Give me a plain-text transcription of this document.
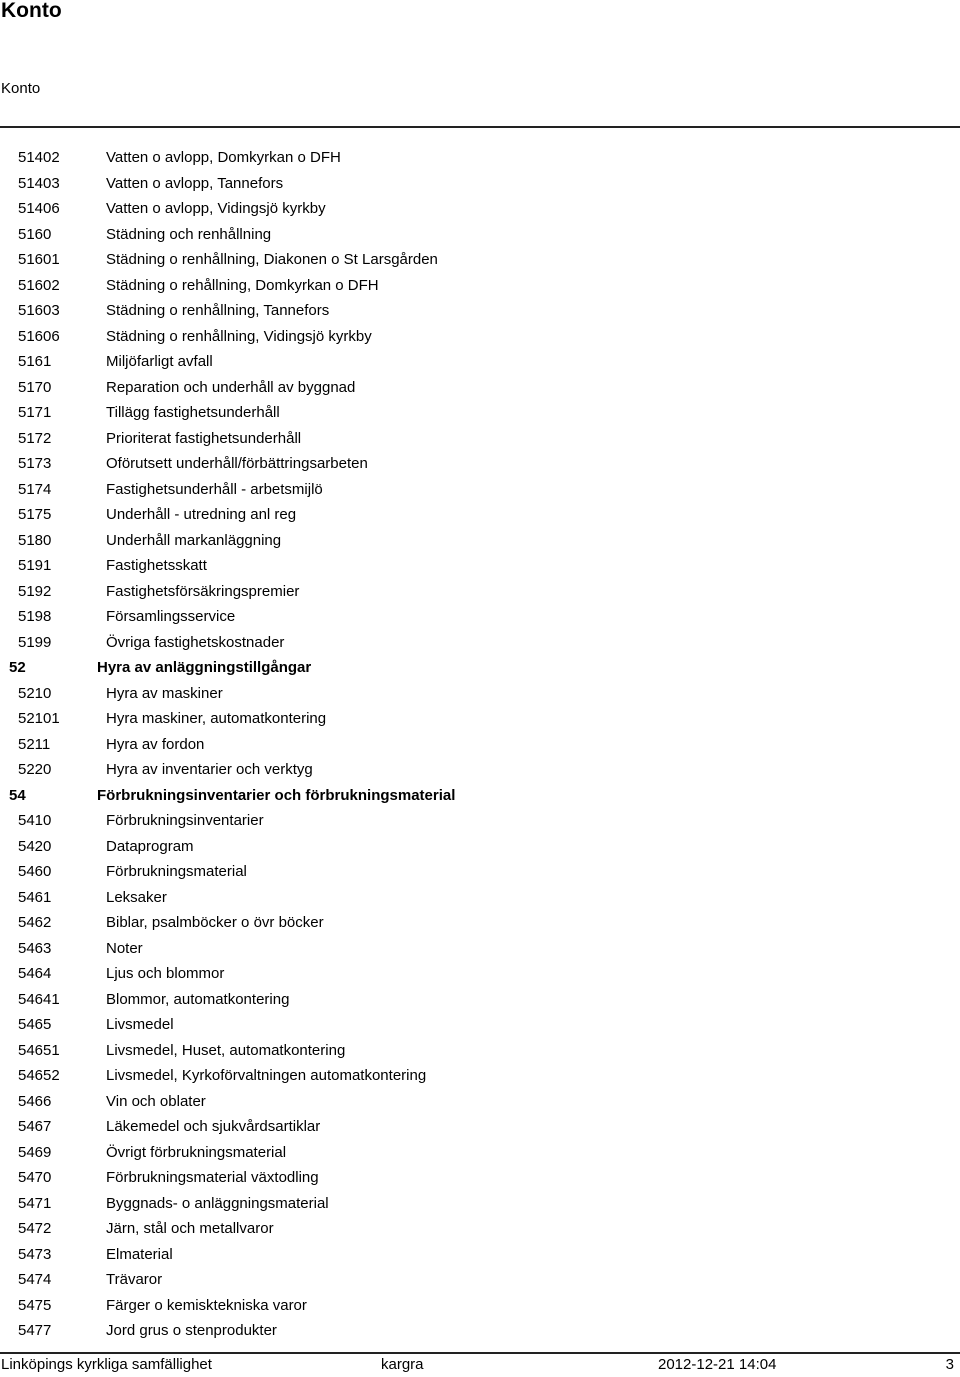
Konto
Konto
51402	Vatten o avlopp, Domkyrkan o DFH
51403	Vatten o avlopp, Tannefors
51406	Vatten o avlopp, Vidingsjö kyrkby
5160	Städning och renhållning
51601	Städning o renhållning, Diakonen o St Larsgården
51602	Städning o rehållning, Domkyrkan o DFH
51603	Städning o renhållning, Tannefors
51606	Städning o renhållning, Vidingsjö kyrkby
5161	Miljöfarligt avfall
5170	Reparation och underhåll av byggnad
5171	Tillägg fastighetsunderhåll
5172	Prioriterat fastighetsunderhåll
5173	Oförutsett underhåll/förbättringsarbeten
5174	Fastighetsunderhåll - arbetsmijlö
5175	Underhåll - utredning anl reg
5180	Underhåll markanläggning
5191	Fastighetsskatt
5192	Fastighetsförsäkringspremier
5198	Församlingsservice
5199	Övriga fastighetskostnader
52	Hyra av anläggningstillgångar
5210	Hyra av maskiner
52101	Hyra maskiner, automatkontering
5211	Hyra av fordon
5220	Hyra av inventarier och verktyg
54	Förbrukningsinventarier och förbrukningsmaterial
5410	Förbrukningsinventarier
5420	Dataprogram
5460	Förbrukningsmaterial
5461	Leksaker
5462	Biblar, psalmböcker o övr böcker
5463	Noter
5464	Ljus och blommor
54641	Blommor, automatkontering
5465	Livsmedel
54651	Livsmedel, Huset, automatkontering
54652	Livsmedel, Kyrkoförvaltningen automatkontering
5466	Vin och oblater
5467	Läkemedel och sjukvårdsartiklar
5469	Övrigt förbrukningsmaterial
5470	Förbrukningsmaterial växtodling
5471	Byggnads- o anläggningsmaterial
5472	Järn, stål och metallvaror
5473	Elmaterial
5474	Trävaror
5475	Färger o kemisktekniska varor
5477	Jord grus o stenprodukter
Linköpings kyrkliga samfällighet	kargra	2012-12-21 14:04	3
